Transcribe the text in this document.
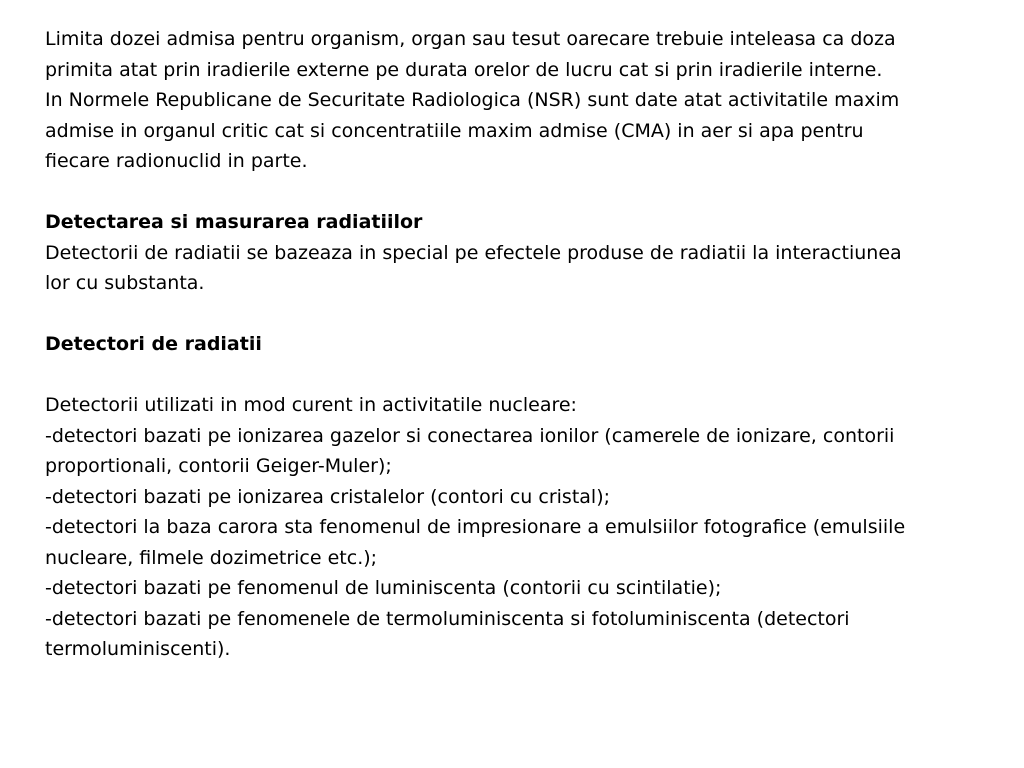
Limita dozei admisa pentru organism, organ sau tesut oarecare trebuie inteleasa ca doza
primita atat prin iradierile externe pe durata orelor de lucru cat si prin iradierile interne.
In Normele Republicane de Securitate Radiologica (NSR) sunt date atat activitatile maxim
admise in organul critic cat si concentratiile maxim admise (CMA) in aer si apa pentru
fiecare radionuclid in parte.
Detectarea si masurarea radiatiilor
Detectorii de radiatii se bazeaza in special pe efectele produse de radiatii la interactiunea
lor cu substanta.
Detectori de radiatii
Detectorii utilizati in mod curent in activitatile nucleare:
-detectori bazati pe ionizarea gazelor si conectarea ionilor (camerele de ionizare, contorii
proportionali, contorii Geiger-Muler);
-detectori bazati pe ionizarea cristalelor (contori cu cristal);
-detectori la baza carora sta fenomenul de impresionare a emulsiilor fotografice (emulsiile
nucleare, filmele dozimetrice etc.);
-detectori bazati pe fenomenul de luminiscenta (contorii cu scintilatie);
-detectori bazati pe fenomenele de termoluminiscenta si fotoluminiscenta (detectori
termoluminiscenti).
